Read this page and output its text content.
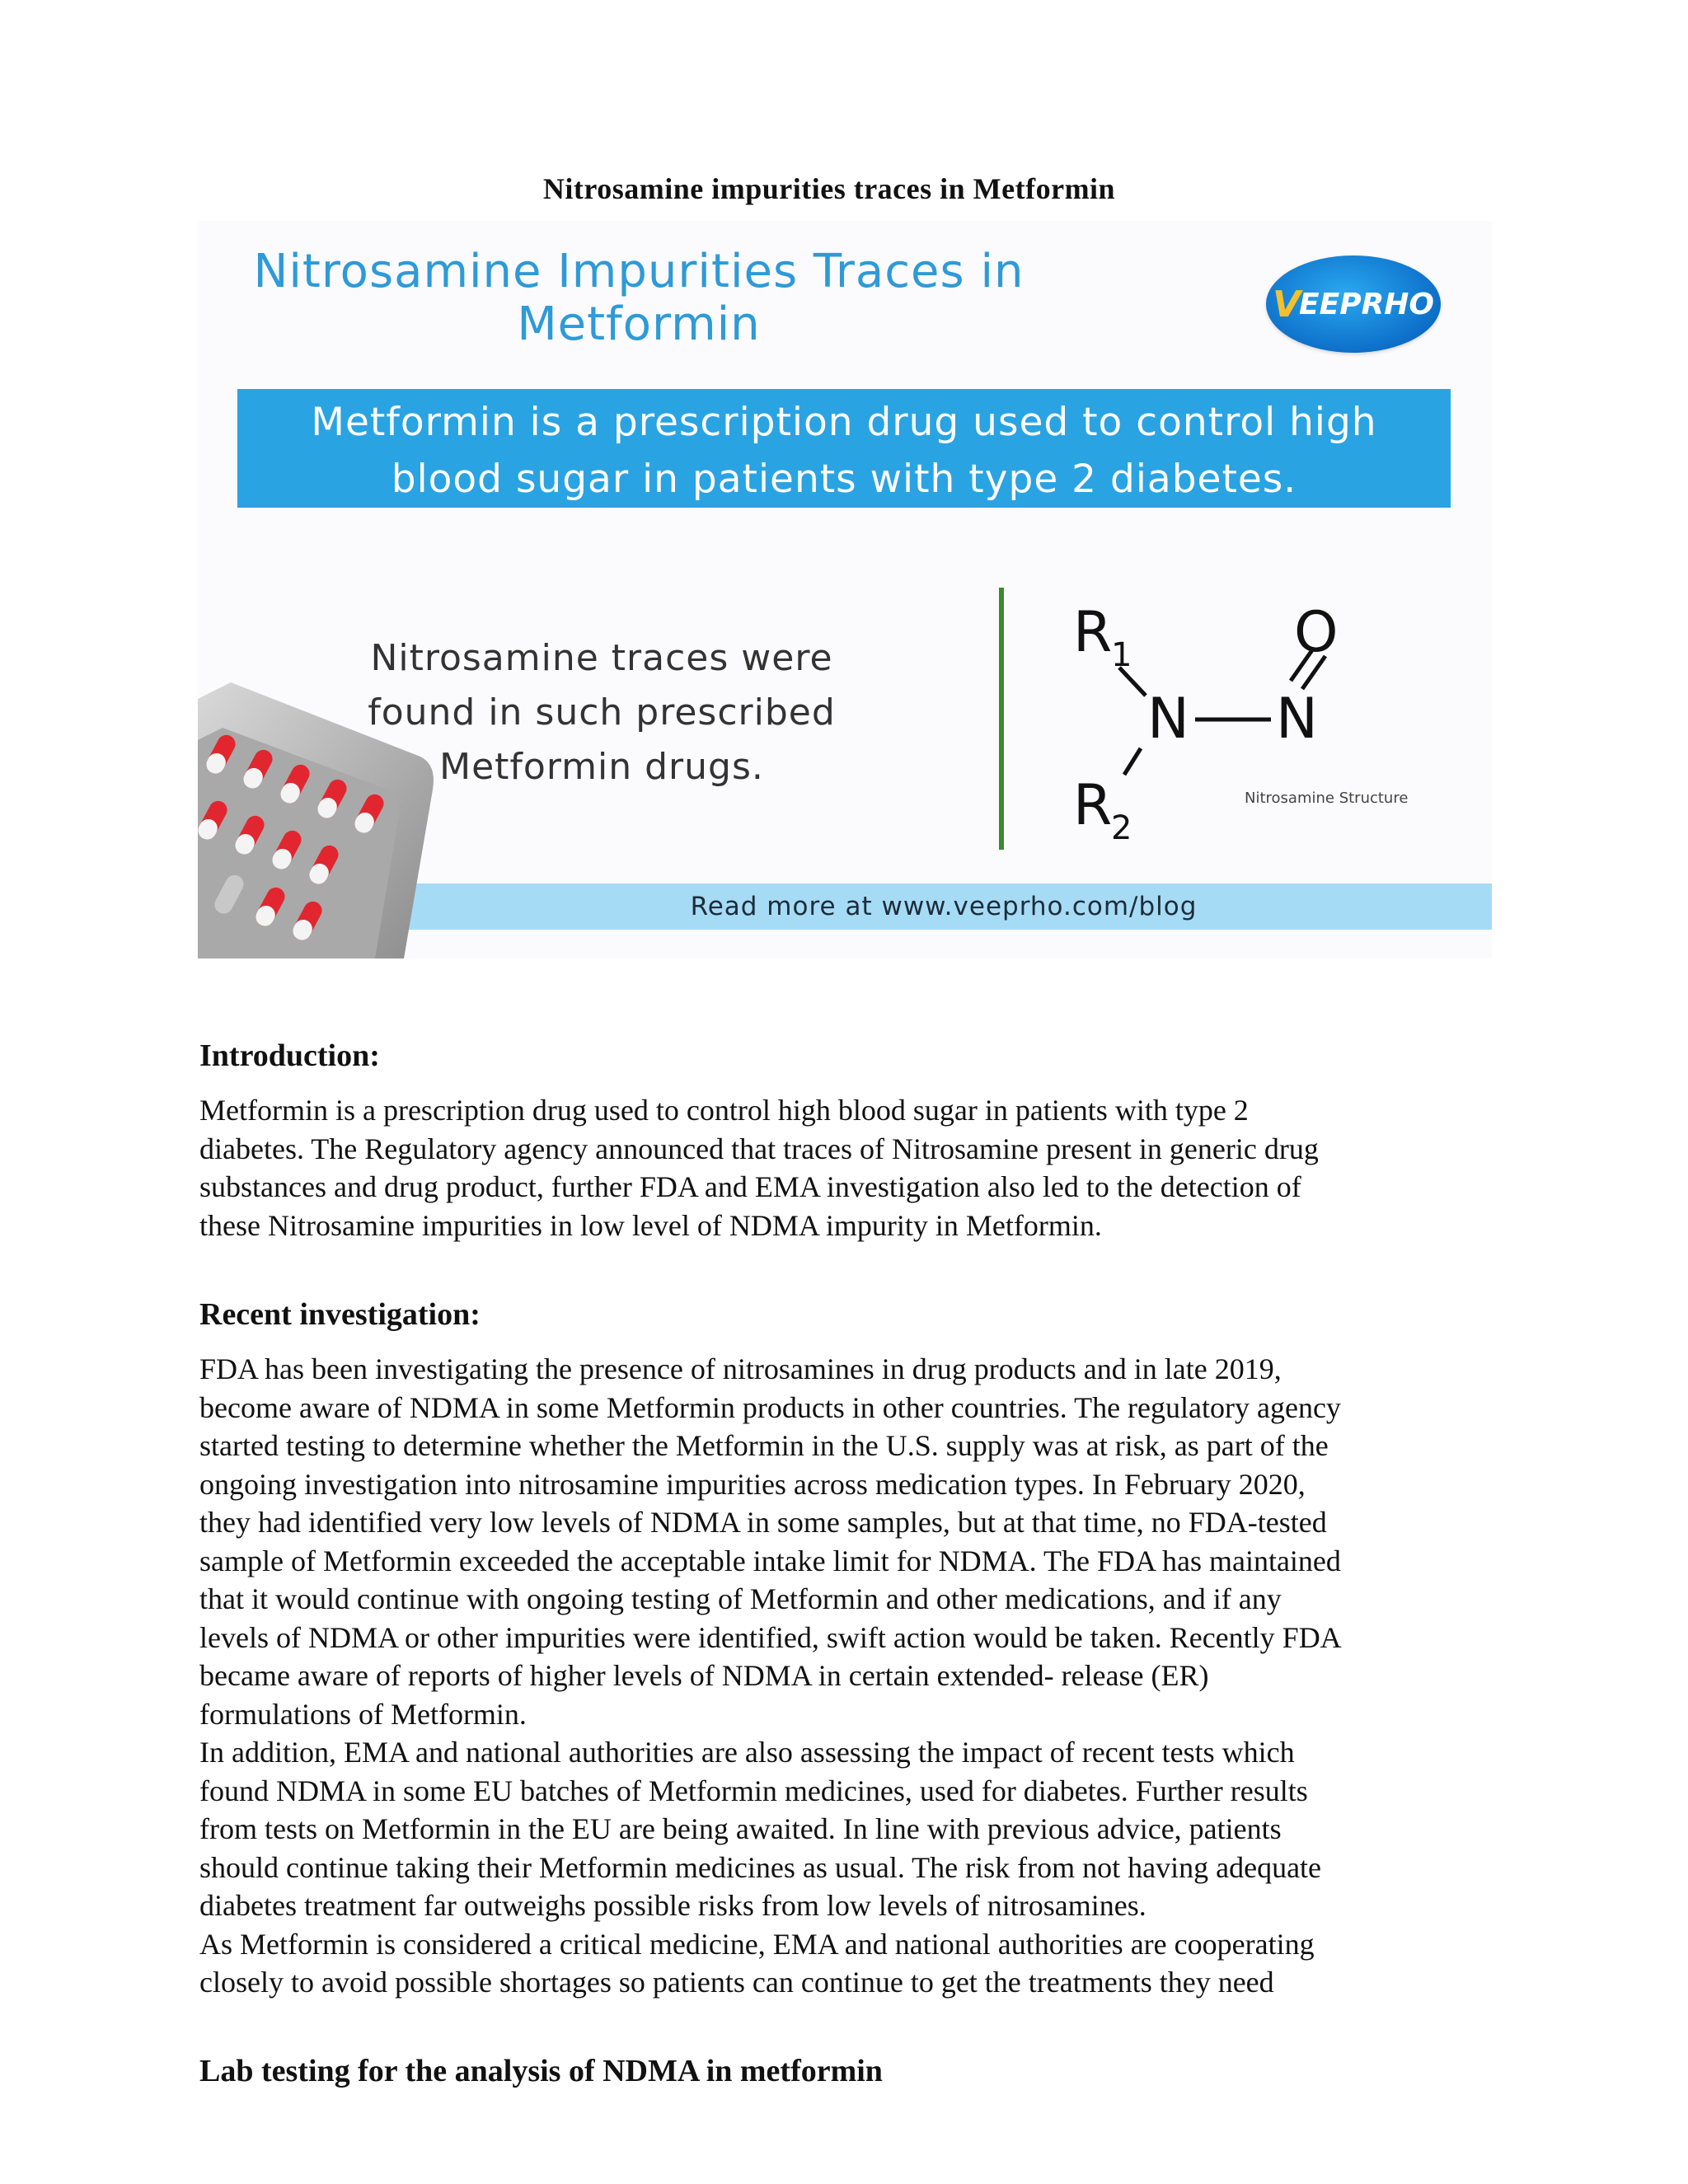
Nitrosamine impurities traces in Metformin
Nitrosamine Impurities Traces in
Metformin	V
EEPRHO
Metformin is a prescription drug used to control high
blood sugar in patients with type 2 diabetes.
Nitrosamine traces were
found in such prescribed
Metformin drugs.
R
1
N N
O
R
2
Nitrosamine Structure
Read more at www.veeprho.com/blog
Introduction:

Metformin is a prescription drug used to control high blood sugar in patients with type 2
diabetes. The Regulatory agency announced that traces of Nitrosamine present in generic drug
substances and drug product, further FDA and EMA investigation also led to the detection of
these Nitrosamine impurities in low level of NDMA impurity in Metformin.

Recent investigation:

FDA has been investigating the presence of nitrosamines in drug products and in late 2019,
become aware of NDMA in some Metformin products in other countries. The regulatory agency
started testing to determine whether the Metformin in the U.S. supply was at risk, as part of the
ongoing investigation into nitrosamine impurities across medication types. In February 2020,
they had identified very low levels of NDMA in some samples, but at that time, no FDA-tested
sample of Metformin exceeded the acceptable intake limit for NDMA. The FDA has maintained
that it would continue with ongoing testing of Metformin and other medications, and if any
levels of NDMA or other impurities were identified, swift action would be taken. Recently FDA
became aware of reports of higher levels of NDMA in certain extended- release (ER)
formulations of Metformin.
In addition, EMA and national authorities are also assessing the impact of recent tests which
found NDMA in some EU batches of Metformin medicines, used for diabetes. Further results
from tests on Metformin in the EU are being awaited. In line with previous advice, patients
should continue taking their Metformin medicines as usual. The risk from not having adequate
diabetes treatment far outweighs possible risks from low levels of nitrosamines.
As Metformin is considered a critical medicine, EMA and national authorities are cooperating
closely to avoid possible shortages so patients can continue to get the treatments they need

Lab testing for the analysis of NDMA in metformin
